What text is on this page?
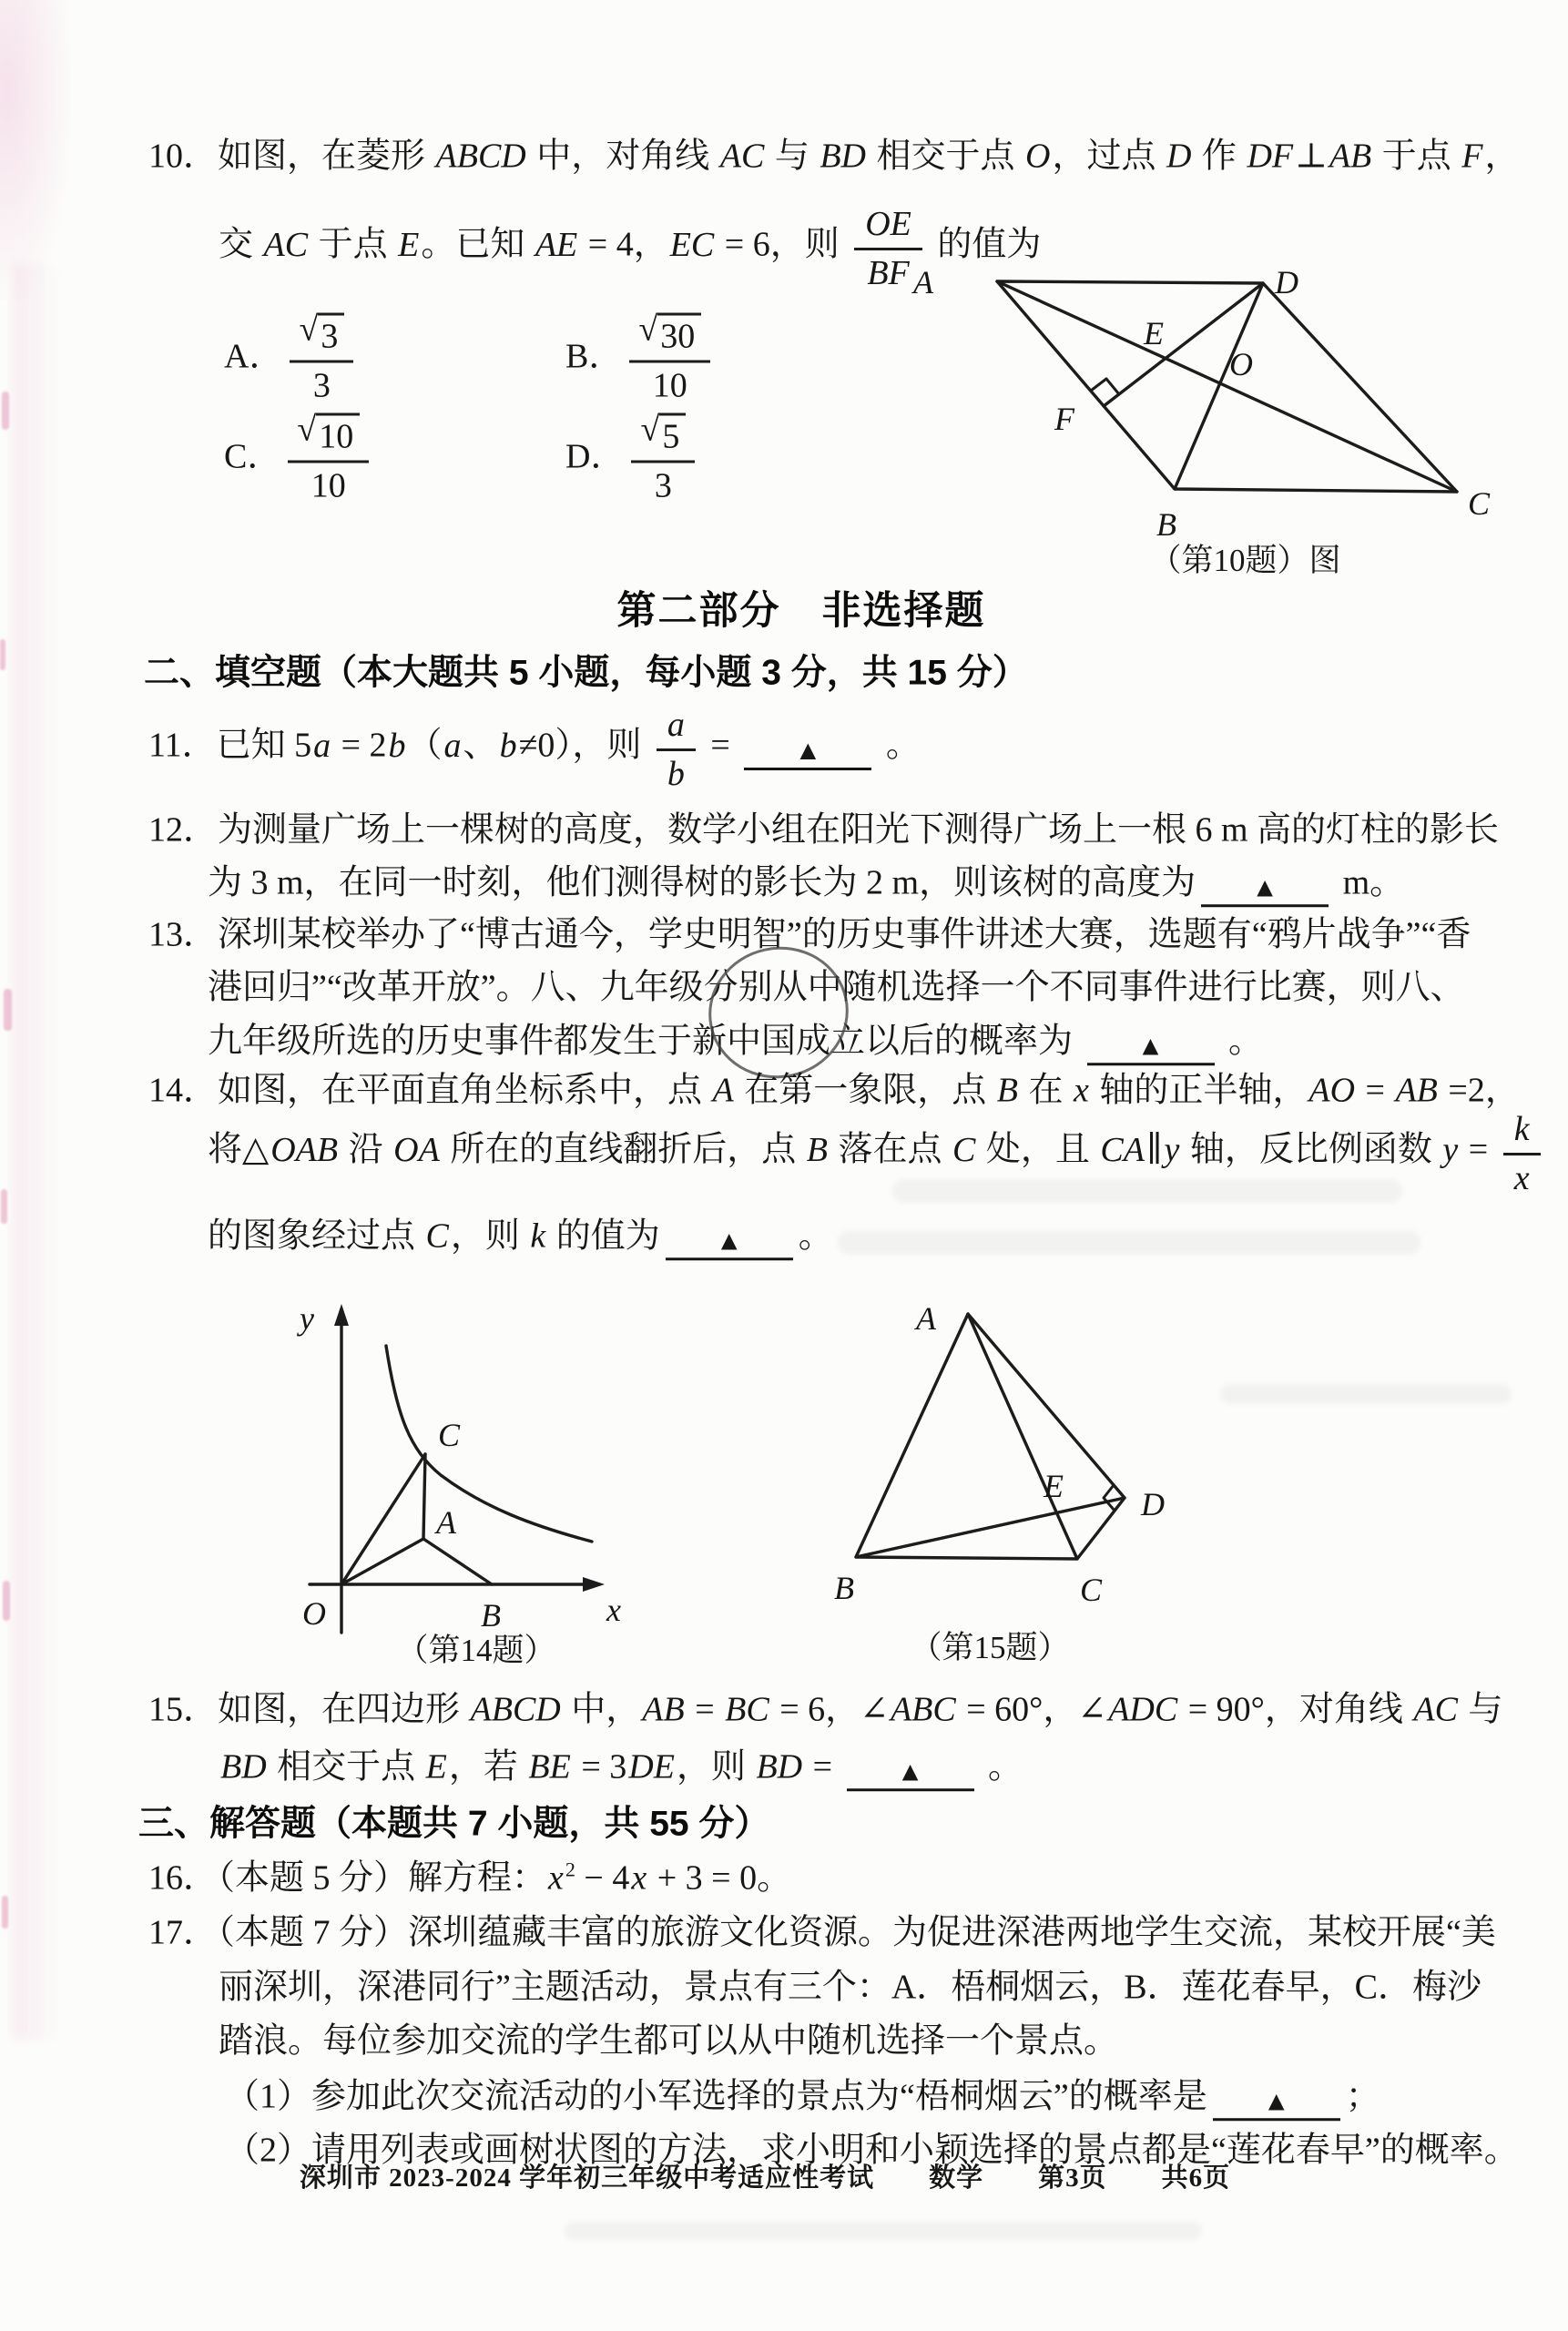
10．如图，在菱形 ABCD 中，对角线 AC 与 BD 相交于点 O，过点 D 作 DF⊥AB 于点 F，
交 AC 于点 E。已知 AE = 4，EC = 6，则 $\frac{OE}{BF}$ 的值为
A． $\frac{√ 3}{3}$	B． $\frac{√ 30}{10}$
C． $\frac{√ 10}{10}$	D． $\frac{√ 5}{3}$
A	D
B
C
E
O
F
（第10题）图
第二部分　非选择题
二、填空题（本大题共 5 小题，每小题 3 分，共 15 分）
11．已知 5a = 2b（a、b≠0），则 $\frac{a}{b}$ = ▲ 。
12．为测量广场上一棵树的高度，数学小组在阳光下测得广场上一根 6 m 高的灯柱的影长
为 3 m，在同一时刻，他们测得树的影长为 2 m，则该树的高度为 ▲ m。
13．深圳某校举办了“博古通今，学史明智”的历史事件讲述大赛，选题有“鸦片战争”“香
港回归”“改革开放”。八、九年级分别从中随机选择一个不同事件进行比赛，则八、
九年级所选的历史事件都发生于新中国成立以后的概率为 ▲ 。
14．如图，在平面直角坐标系中，点 A 在第一象限，点 B 在 x 轴的正半轴，AO = AB =2，
将△OAB 沿 OA 所在的直线翻折后，点 B 落在点 C 处，且 CA∥y 轴，反比例函数 $y = \frac{k}{x}$
的图象经过点 C，则 k 的值为 ▲ 。
y
x
O	B
A
C
（第14题）
A
B	C
D
E
（第15题）
15．如图，在四边形 ABCD 中，AB = BC = 6，∠ABC = 60°，∠ADC = 90°，对角线 AC 与
BD 相交于点 E，若 BE = 3DE，则 BD = ▲ 。
三、解答题（本题共 7 小题，共 55 分）
16．（本题 5 分）解方程：$x^2 - 4x + 3 = 0$。
17．（本题 7 分）深圳蕴藏丰富的旅游文化资源。为促进深港两地学生交流，某校开展“美
丽深圳，深港同行”主题活动，景点有三个：A．梧桐烟云，B．莲花春早，C．梅沙
踏浪。每位参加交流的学生都可以从中随机选择一个景点。
（1）参加此次交流活动的小军选择的景点为“梧桐烟云”的概率是 ▲ ；
（2）请用列表或画树状图的方法，求小明和小颖选择的景点都是“莲花春早”的概率。
深圳市 2023-2024 学年初三年级中考适应性考试　　数学　　第3页　　共6页
